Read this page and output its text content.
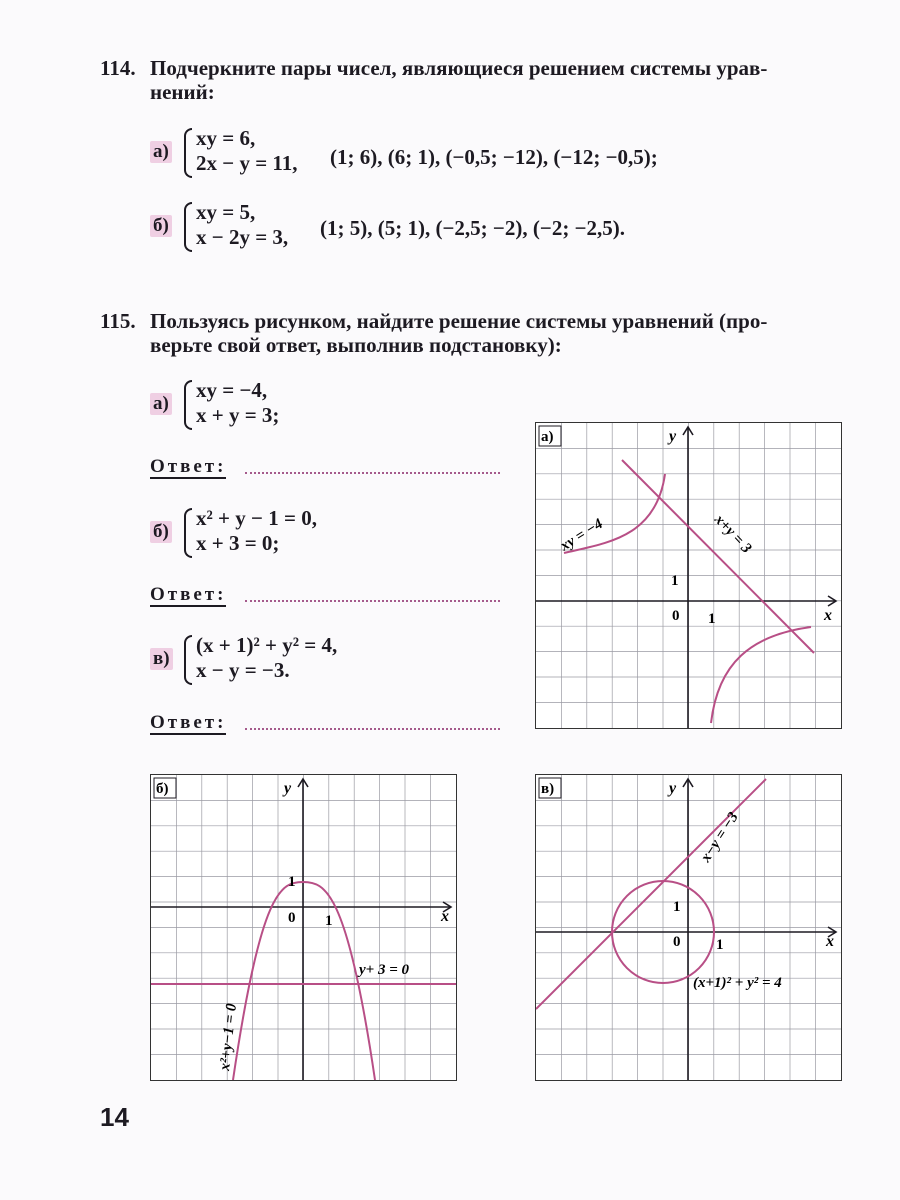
114. Подчеркните пары чисел, являющиеся решением системы урав-
нений:
а)
xy = 6,
2x − y = 11, (1; 6), (6; 1), (−0,5; −12), (−12; −0,5);
б)
xy = 5,
x − 2y = 3, (1; 5), (5; 1), (−2,5; −2), (−2; −2,5).
115. Пользуясь рисунком, найдите решение системы уравнений (про-
верьте свой ответ, выполнив подстановку):
а)
xy = −4,
x + y = 3;
Ответ:
б)
x² + y − 1 = 0,
x + 3 = 0;
Ответ:
в)
(x + 1)² + y² = 4,
x − y = −3.
Ответ:
а)	y
x
0 1
1
xy = −4	x+y = 3
б)	y
x
0 1
1
x²+y−1 = 0
y+ 3 = 0
в)	y
x
0 1
1
(x+1)² + y² = 4
x−y = −3
14
